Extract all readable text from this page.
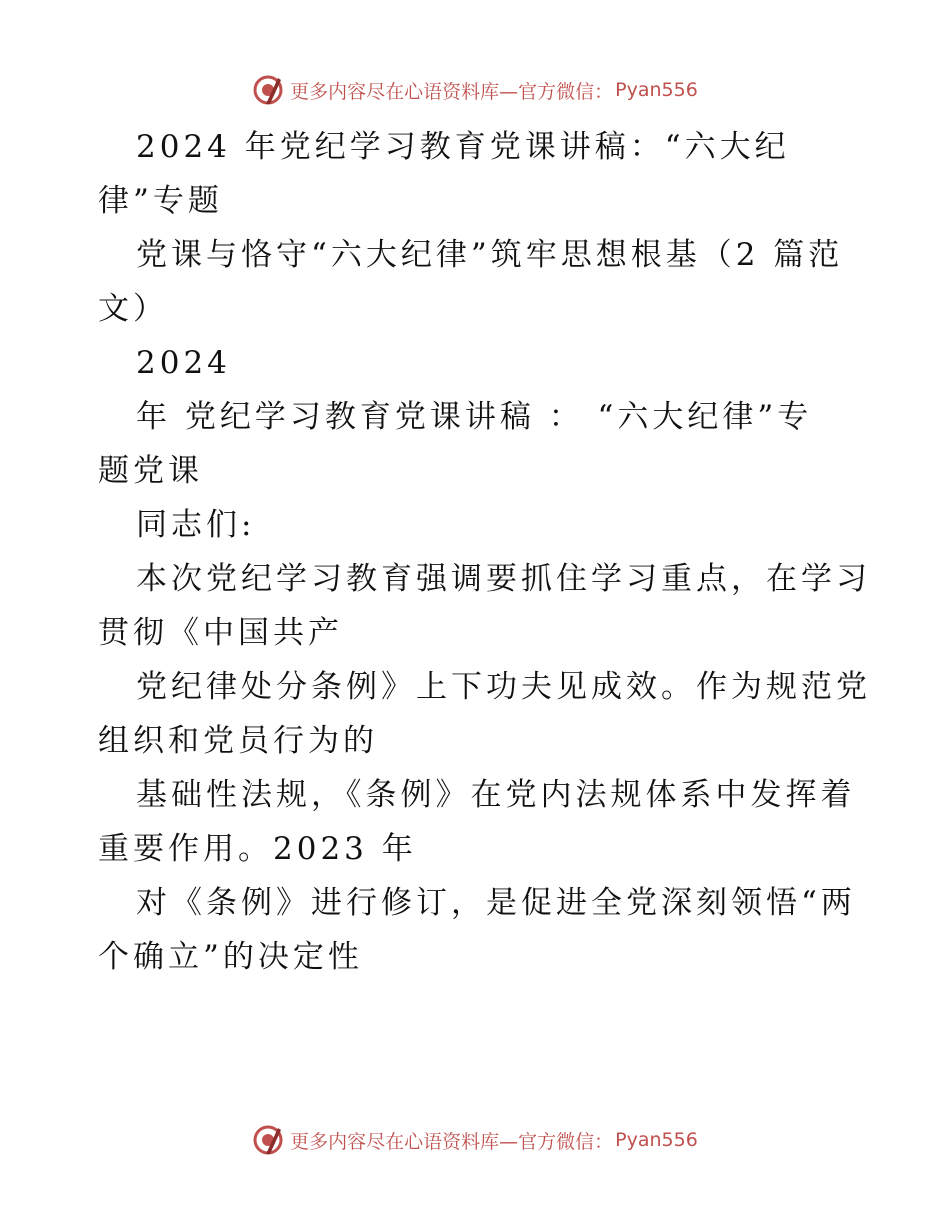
更多内容尽在心语资料库—官方微信： Pyan556
2024 年党纪学习教育党课讲稿：“六大纪
律”专题
党课与恪守“六大纪律”筑牢思想根基（2 篇范
文）
2024
年 党纪学习教育党课讲稿 ： “六大纪律”专
题党课
同志们:
本次党纪学习教育强调要抓住学习重点，在学习
贯彻《中国共产
党纪律处分条例》上下功夫见成效。作为规范党
组织和党员行为的
基础性法规，《条例》在党内法规体系中发挥着
重要作用。2023 年
对《条例》进行修订，是促进全党深刻领悟“两
个确立”的决定性
更多内容尽在心语资料库—官方微信： Pyan556
